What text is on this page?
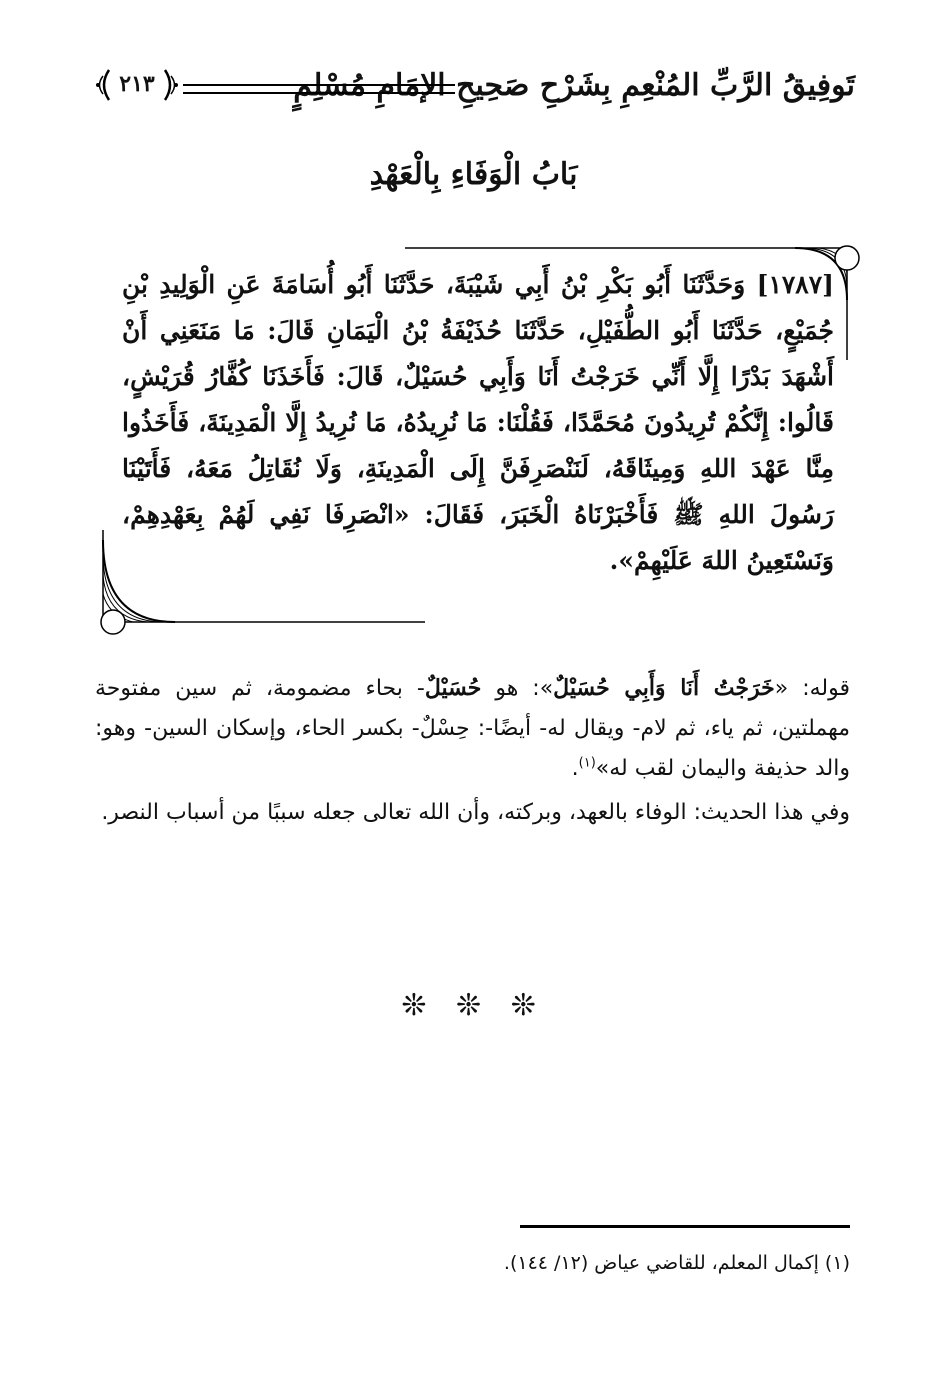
تَوفِيقُ الرَّبِّ المُنْعِمِ بِشَرْحِ صَحِيحِ الإمَامِ مُسْلِمٍ
٢١٣
بَابُ الْوَفَاءِ بِالْعَهْدِ
[١٧٨٧] وَحَدَّثَنَا أَبُو بَكْرِ بْنُ أَبِي شَيْبَةَ، حَدَّثَنَا أَبُو أُسَامَةَ عَنِ الْوَلِيدِ بْنِ جُمَيْعٍ، حَدَّثَنَا أَبُو الطُّفَيْلِ، حَدَّثَنَا حُذَيْفَةُ بْنُ الْيَمَانِ قَالَ: مَا مَنَعَنِي أَنْ أَشْهَدَ بَدْرًا إِلَّا أَنِّي خَرَجْتُ أَنَا وَأَبِي حُسَيْلٌ، قَالَ: فَأَخَذَنَا كُفَّارُ قُرَيْشٍ، قَالُوا: إِنَّكُمْ تُرِيدُونَ مُحَمَّدًا، فَقُلْنَا: مَا نُرِيدُهُ، مَا نُرِيدُ إِلَّا الْمَدِينَةَ، فَأَخَذُوا مِنَّا عَهْدَ اللهِ وَمِيثَاقَهُ، لَنَنْصَرِفَنَّ إِلَى الْمَدِينَةِ، وَلَا نُقَاتِلُ مَعَهُ، فَأَتَيْنَا رَسُولَ اللهِ ﷺ فَأَخْبَرْنَاهُ الْخَبَرَ، فَقَالَ: «انْصَرِفَا نَفِي لَهُمْ بِعَهْدِهِمْ، وَنَسْتَعِينُ اللهَ عَلَيْهِمْ».

قوله: «خَرَجْتُ أَنَا وَأَبِي حُسَيْلٌ»: هو حُسَيْلٌ- بحاء مضمومة، ثم سين مفتوحة مهملتين، ثم ياء، ثم لام- ويقال له- أيضًا-: حِسْلٌ- بكسر الحاء، وإسكان السين- وهو: والد حذيفة واليمان لقب له»$^{(١)}$.

وفي هذا الحديث: الوفاء بالعهد، وبركته، وأن الله تعالى جعله سببًا من أسباب النصر.

❊ ❊ ❊
(١) إكمال المعلم، للقاضي عياض (١٢/ ١٤٤).
